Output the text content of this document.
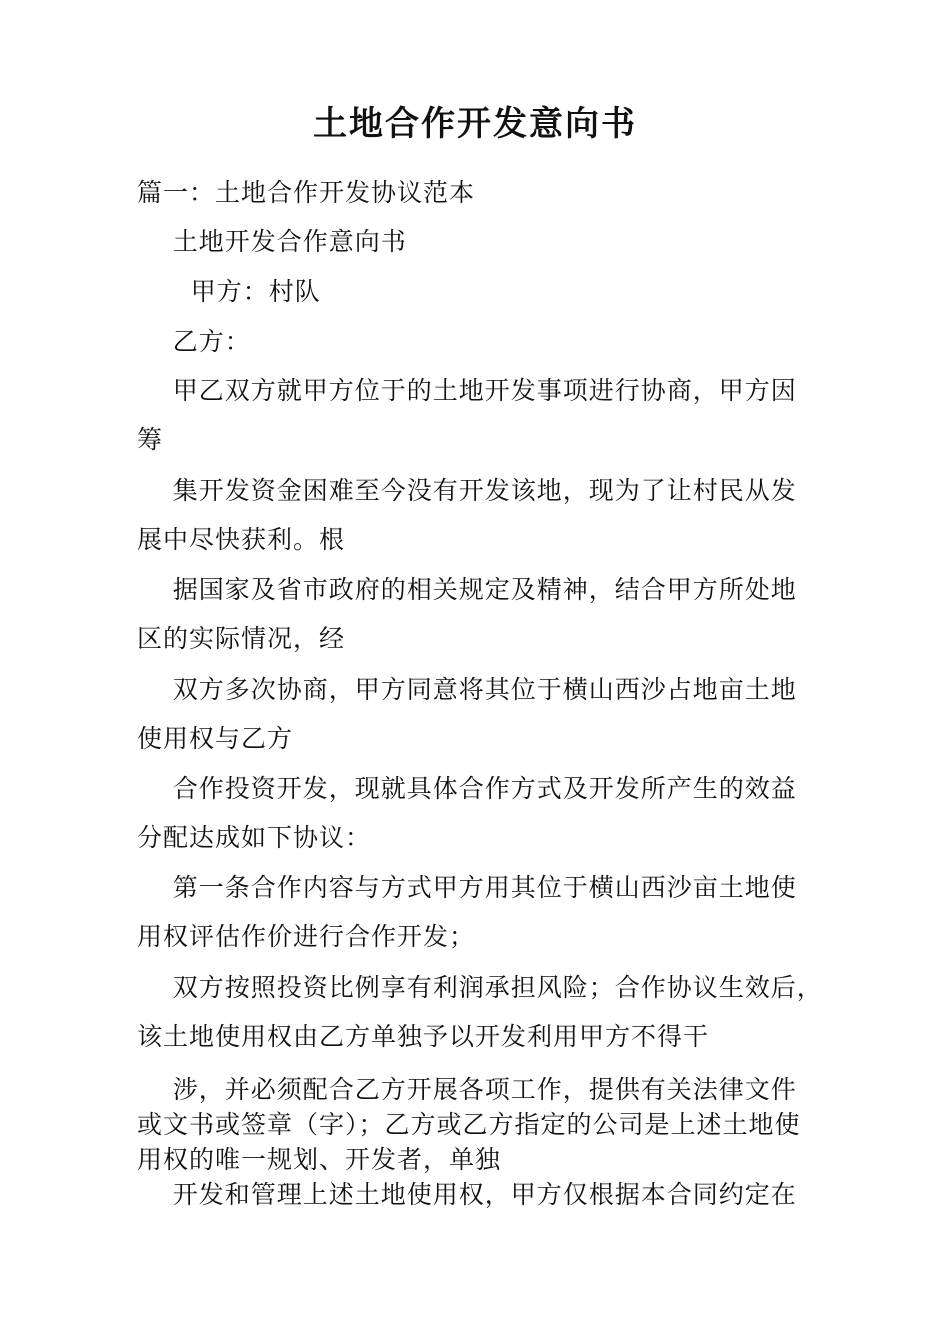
土地合作开发意向书
篇一：土地合作开发协议范本
土地开发合作意向书
甲方：村队
乙方：
甲乙双方就甲方位于的土地开发事项进行协商，甲方因
筹
集开发资金困难至今没有开发该地，现为了让村民从发
展中尽快获利。根
据国家及省市政府的相关规定及精神，结合甲方所处地
区的实际情况，经
双方多次协商，甲方同意将其位于横山西沙占地亩土地
使用权与乙方
合作投资开发，现就具体合作方式及开发所产生的效益
分配达成如下协议：
第一条合作内容与方式甲方用其位于横山西沙亩土地使
用权评估作价进行合作开发；
双方按照投资比例享有利润承担风险；合作协议生效后，
该土地使用权由乙方单独予以开发利用甲方不得干
涉，并必须配合乙方开展各项工作，提供有关法律文件
或文书或签章（字）；乙方或乙方指定的公司是上述土地使
用权的唯一规划、开发者，单独
开发和管理上述土地使用权，甲方仅根据本合同约定在
